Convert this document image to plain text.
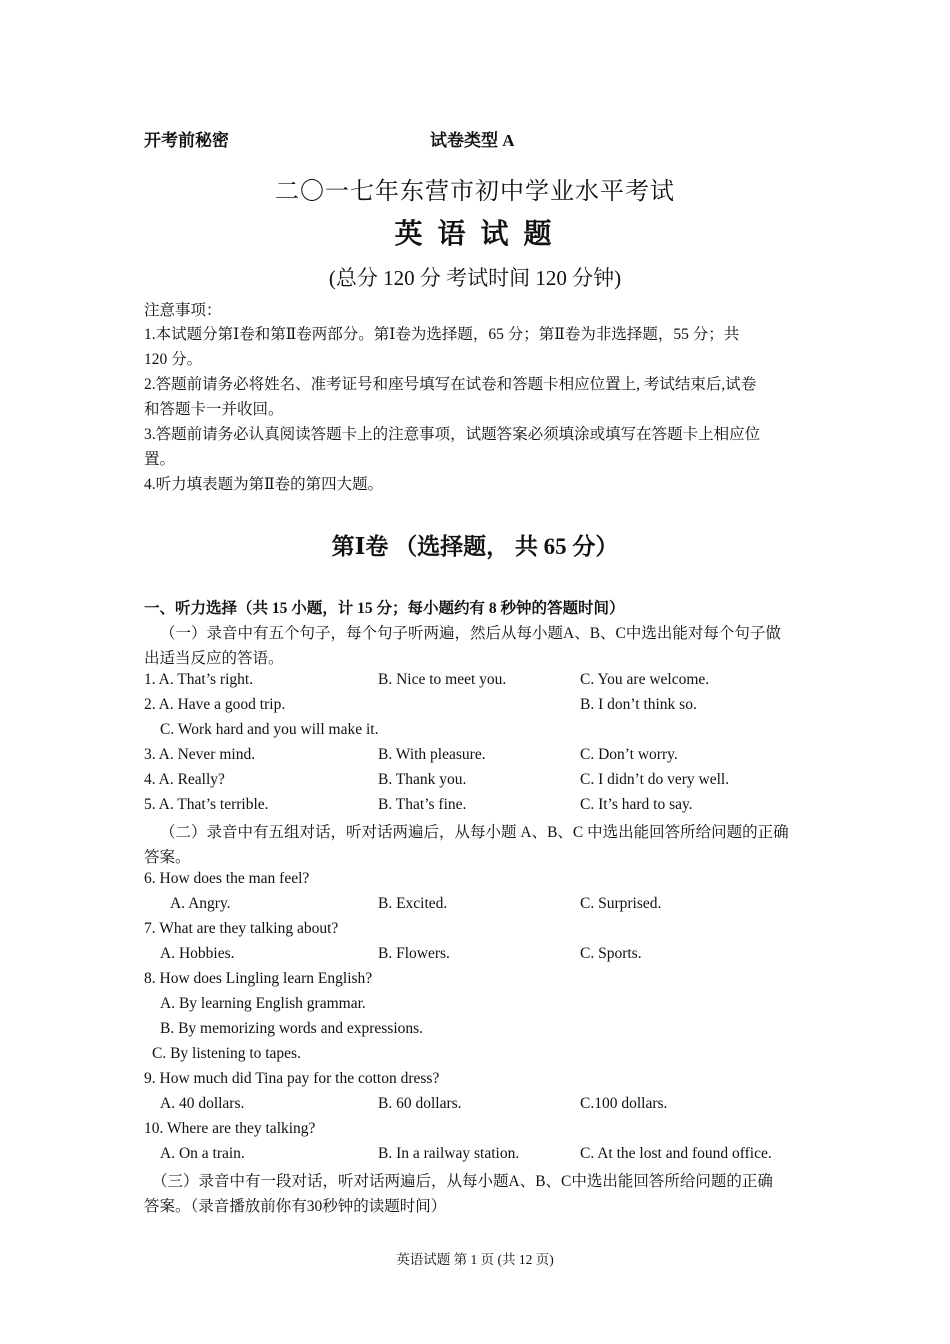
开考前秘密	试卷类型 A
二〇一七年东营市初中学业水平考试
英 语 试 题
(总分 120 分 考试时间 120 分钟)
注意事项：
1.本试题分第Ⅰ卷和第Ⅱ卷两部分。第Ⅰ卷为选择题，65 分；第Ⅱ卷为非选择题，55 分；共
120 分。
2.答题前请务必将姓名、准考证号和座号填写在试卷和答题卡相应位置上, 考试结束后,试卷
和答题卡一并收回。
3.答题前请务必认真阅读答题卡上的注意事项，试题答案必须填涂或填写在答题卡上相应位
置。
4.听力填表题为第Ⅱ卷的第四大题。
第Ⅰ卷 （选择题， 共 65 分）
一、听力选择（共 15 小题，计 15 分；每小题约有 8 秒钟的答题时间）
（一）录音中有五个句子，每个句子听两遍，然后从每小题A、B、C中选出能对每个句子做
出适当反应的答语。
1. A. That’s right.	B. Nice to meet you.	C. You are welcome.
2. A. Have a good trip.	B. I don’t think so.
C. Work hard and you will make it.
3. A. Never mind.	B. With pleasure.	C. Don’t worry.
4. A. Really?	B. Thank you.	C. I didn’t do very well.
5. A. That’s terrible.	B. That’s fine.	C. It’s hard to say.
（二）录音中有五组对话，听对话两遍后，从每小题 A、B、C 中选出能回答所给问题的正确
答案。
6. How does the man feel?
A. Angry.	B. Excited.	C. Surprised.
7. What are they talking about?
A. Hobbies.	B. Flowers.	C. Sports.
8. How does Lingling learn English?
A. By learning English grammar.
B. By memorizing words and expressions.
C. By listening to tapes.
9. How much did Tina pay for the cotton dress?
A. 40 dollars.	B. 60 dollars.	C.100 dollars.
10. Where are they talking?
A. On a train.	B. In a railway station.	C. At the lost and found office.
（三）录音中有一段对话，听对话两遍后，从每小题A、B、C中选出能回答所给问题的正确
答案。（录音播放前你有30秒钟的读题时间）
英语试题 第 1 页 (共 12 页)
